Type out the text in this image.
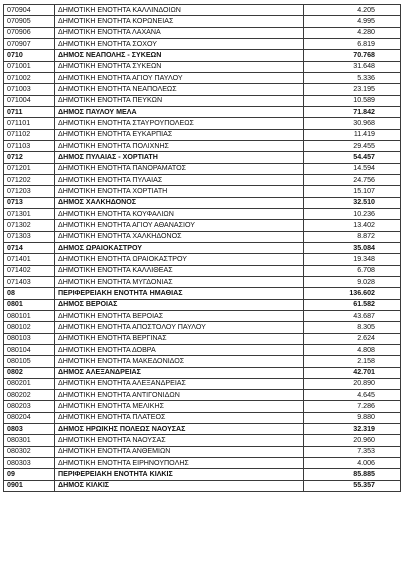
070904	ΔΗΜΟΤΙΚΗ ΕΝΟΤΗΤΑ ΚΑΛΛΙΝΔΟΙΩΝ	4.205
070905	ΔΗΜΟΤΙΚΗ ΕΝΟΤΗΤΑ ΚΟΡΩΝΕΙΑΣ	4.995
070906	ΔΗΜΟΤΙΚΗ ΕΝΟΤΗΤΑ ΛΑΧΑΝΑ	4.280
070907	ΔΗΜΟΤΙΚΗ ΕΝΟΤΗΤΑ ΣΟΧΟΥ	6.819
0710	ΔΗΜΟΣ ΝΕΑΠΟΛΗΣ - ΣΥΚΕΩΝ	70.768
071001	ΔΗΜΟΤΙΚΗ ΕΝΟΤΗΤΑ ΣΥΚΕΩΝ	31.648
071002	ΔΗΜΟΤΙΚΗ ΕΝΟΤΗΤΑ ΑΓΙΟΥ ΠΑΥΛΟΥ	5.336
071003	ΔΗΜΟΤΙΚΗ ΕΝΟΤΗΤΑ ΝΕΑΠΟΛΕΩΣ	23.195
071004	ΔΗΜΟΤΙΚΗ ΕΝΟΤΗΤΑ ΠΕΥΚΩΝ	10.589
0711	ΔΗΜΟΣ ΠΑΥΛΟΥ ΜΕΛΑ	71.842
071101	ΔΗΜΟΤΙΚΗ ΕΝΟΤΗΤΑ ΣΤΑΥΡΟΥΠΟΛΕΩΣ	30.968
071102	ΔΗΜΟΤΙΚΗ ΕΝΟΤΗΤΑ ΕΥΚΑΡΠΙΑΣ	11.419
071103	ΔΗΜΟΤΙΚΗ ΕΝΟΤΗΤΑ ΠΟΛΙΧΝΗΣ	29.455
0712	ΔΗΜΟΣ ΠΥΛΑΙΑΣ - ΧΟΡΤΙΑΤΗ	54.457
071201	ΔΗΜΟΤΙΚΗ ΕΝΟΤΗΤΑ ΠΑΝΟΡΑΜΑΤΟΣ	14.594
071202	ΔΗΜΟΤΙΚΗ ΕΝΟΤΗΤΑ ΠΥΛΑΙΑΣ	24.756
071203	ΔΗΜΟΤΙΚΗ ΕΝΟΤΗΤΑ ΧΟΡΤΙΑΤΗ	15.107
0713	ΔΗΜΟΣ ΧΑΛΚΗΔΟΝΟΣ	32.510
071301	ΔΗΜΟΤΙΚΗ ΕΝΟΤΗΤΑ ΚΟΥΦΑΛΙΩΝ	10.236
071302	ΔΗΜΟΤΙΚΗ ΕΝΟΤΗΤΑ ΑΓΙΟΥ ΑΘΑΝΑΣΙΟΥ	13.402
071303	ΔΗΜΟΤΙΚΗ ΕΝΟΤΗΤΑ ΧΑΛΚΗΔΟΝΟΣ	8.872
0714	ΔΗΜΟΣ ΩΡΑΙΟΚΑΣΤΡΟΥ	35.084
071401	ΔΗΜΟΤΙΚΗ ΕΝΟΤΗΤΑ ΩΡΑΙΟΚΑΣΤΡΟΥ	19.348
071402	ΔΗΜΟΤΙΚΗ ΕΝΟΤΗΤΑ ΚΑΛΛΙΘΕΑΣ	6.708
071403	ΔΗΜΟΤΙΚΗ ΕΝΟΤΗΤΑ ΜΥΓΔΟΝΙΑΣ	9.028
08	ΠΕΡΙΦΕΡΕΙΑΚΗ ΕΝΟΤΗΤΑ ΗΜΑΘΙΑΣ	136.602
0801	ΔΗΜΟΣ ΒΕΡΟΙΑΣ	61.582
080101	ΔΗΜΟΤΙΚΗ ΕΝΟΤΗΤΑ ΒΕΡΟΙΑΣ	43.687
080102	ΔΗΜΟΤΙΚΗ ΕΝΟΤΗΤΑ ΑΠΟΣΤΟΛΟΥ ΠΑΥΛΟΥ	8.305
080103	ΔΗΜΟΤΙΚΗ ΕΝΟΤΗΤΑ ΒΕΡΓΙΝΑΣ	2.624
080104	ΔΗΜΟΤΙΚΗ ΕΝΟΤΗΤΑ ΔΟΒΡΑ	4.808
080105	ΔΗΜΟΤΙΚΗ ΕΝΟΤΗΤΑ ΜΑΚΕΔΟΝΙΔΟΣ	2.158
0802	ΔΗΜΟΣ ΑΛΕΞΑΝΔΡΕΙΑΣ	42.701
080201	ΔΗΜΟΤΙΚΗ ΕΝΟΤΗΤΑ ΑΛΕΞΑΝΔΡΕΙΑΣ	20.890
080202	ΔΗΜΟΤΙΚΗ ΕΝΟΤΗΤΑ ΑΝΤΙΓΟΝΙΔΩΝ	4.645
080203	ΔΗΜΟΤΙΚΗ ΕΝΟΤΗΤΑ ΜΕΛΙΚΗΣ	7.286
080204	ΔΗΜΟΤΙΚΗ ΕΝΟΤΗΤΑ ΠΛΑΤΕΟΣ	9.880
0803	ΔΗΜΟΣ ΗΡΩΙΚΗΣ ΠΟΛΕΩΣ ΝΑΟΥΣΑΣ	32.319
080301	ΔΗΜΟΤΙΚΗ ΕΝΟΤΗΤΑ ΝΑΟΥΣΑΣ	20.960
080302	ΔΗΜΟΤΙΚΗ ΕΝΟΤΗΤΑ ΑΝΘΕΜΙΩΝ	7.353
080303	ΔΗΜΟΤΙΚΗ ΕΝΟΤΗΤΑ ΕΙΡΗΝΟΥΠΟΛΗΣ	4.006
09	ΠΕΡΙΦΕΡΕΙΑΚΗ ΕΝΟΤΗΤΑ ΚΙΛΚΙΣ	85.885
0901	ΔΗΜΟΣ ΚΙΛΚΙΣ	55.357
